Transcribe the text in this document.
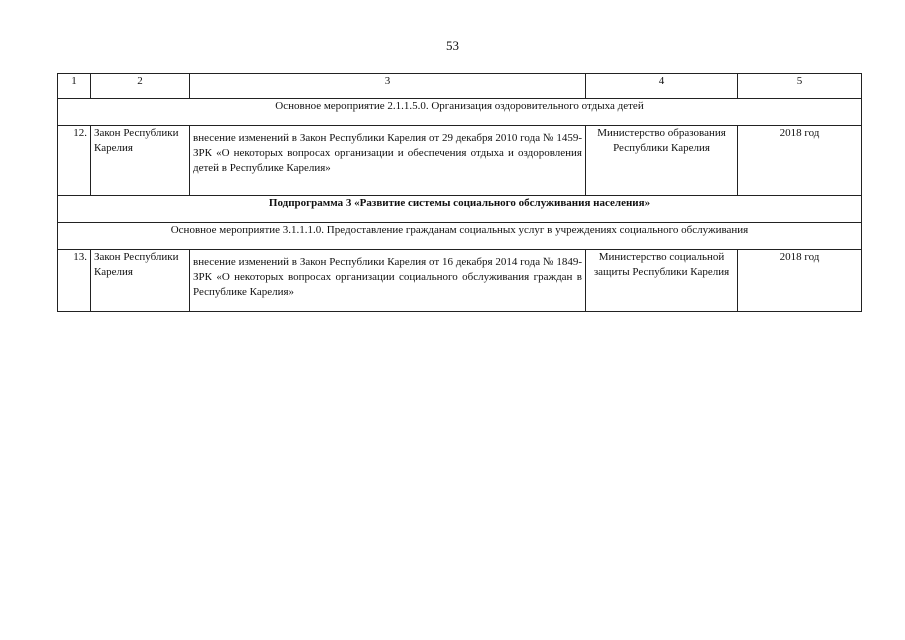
53
1	2	3	4	5
Основное мероприятие 2.1.1.5.0. Организация оздоровительного отдыха детей				
12.	Закон Республики Карелия	внесение изменений в Закон Республики Карелия от 29 декабря 2010 года № 1459-ЗРК «О некоторых вопросах организации и обеспечения отдыха и оздоровления детей в Республике Карелия»	Министерство образования Республики Карелия	2018 год
Подпрограмма 3 «Развитие системы социального обслуживания населения»				
Основное мероприятие 3.1.1.1.0. Предоставление гражданам социальных услуг в учреждениях социального обслуживания				
13.	Закон Республики Карелия	внесение изменений в Закон Республики Карелия от 16 декабря 2014 года № 1849-ЗРК «О некоторых вопросах организации социального обслуживания граждан в Республике Карелия»	Министерство социальной защиты Республики Карелия	2018 год
